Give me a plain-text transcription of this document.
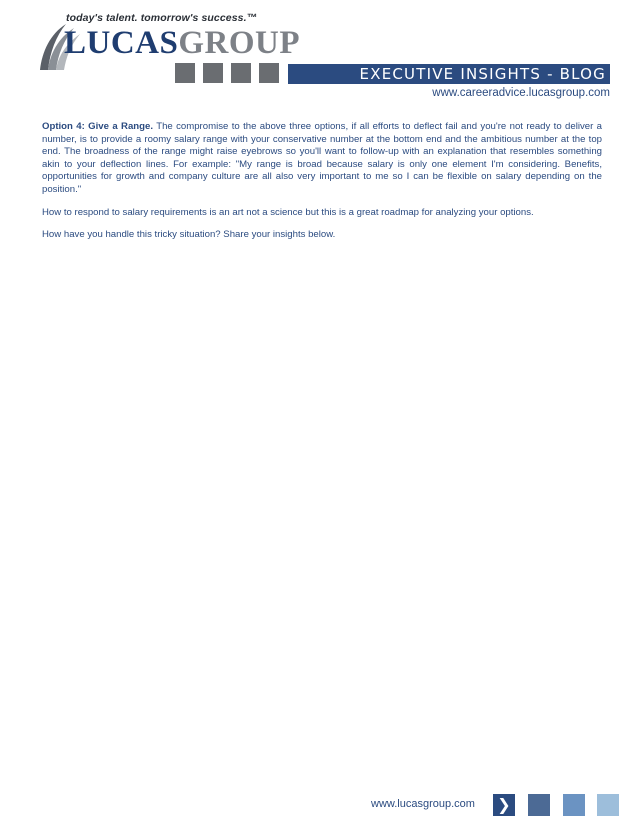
today's talent. tomorrow's success.™
LUCASGROUP
EXECUTIVE INSIGHTS - BLOG
www.careeradvice.lucasgroup.com

Option 4: Give a Range. The compromise to the above three options, if all efforts to deflect fail and you're not ready to deliver a number, is to provide a roomy salary range with your conservative number at the bottom end and the ambitious number at the top end. The broadness of the range might raise eyebrows so you'll want to follow-up with an explanation that resembles something akin to your deflection lines. For example: "My range is broad because salary is only one element I'm considering. Benefits, opportunities for growth and company culture are all also very important to me so I can be flexible on salary depending on the position."

How to respond to salary requirements is an art not a science but this is a great roadmap for analyzing your options.

How have you handle this tricky situation? Share your insights below.

www.lucasgroup.com ❯
